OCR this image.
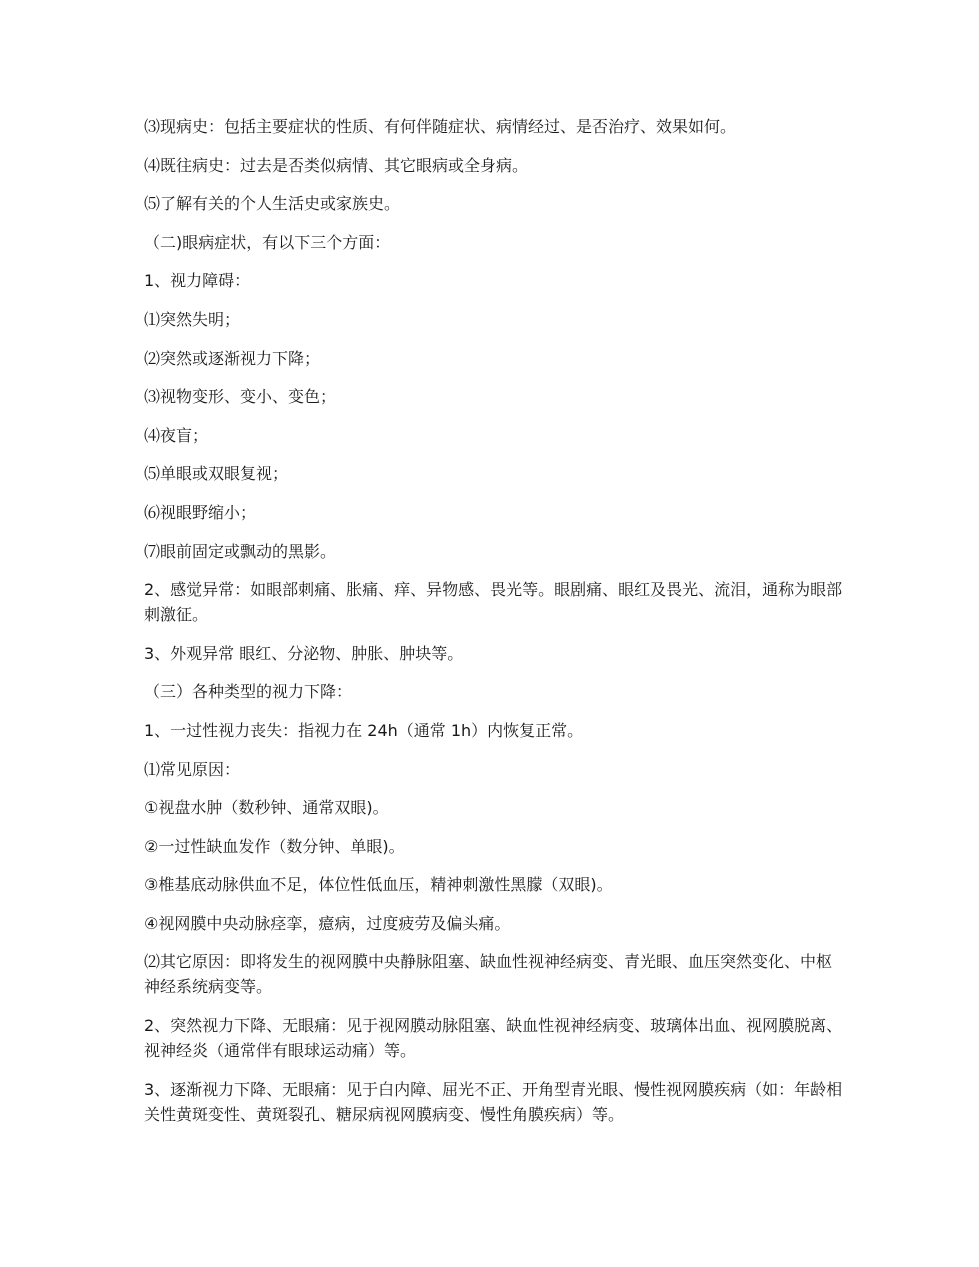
⑶现病史：包括主要症状的性质、有何伴随症状、病情经过、是否治疗、效果如何。

⑷既往病史：过去是否类似病情、其它眼病或全身病。

⑸了解有关的个人生活史或家族史。

（二)眼病症状，有以下三个方面：

1、视力障碍：

⑴突然失明；

⑵突然或逐渐视力下降；

⑶视物变形、变小、变色；

⑷夜盲；

⑸单眼或双眼复视；

⑹视眼野缩小；

⑺眼前固定或飘动的黑影。

2、感觉异常：如眼部刺痛、胀痛、痒、异物感、畏光等。眼剧痛、眼红及畏光、流泪，通称为眼部刺激征。

3、外观异常 眼红、分泌物、肿胀、肿块等。

（三）各种类型的视力下降：

1、一过性视力丧失：指视力在 24h（通常 1h）内恢复正常。

⑴常见原因：

①视盘水肿（数秒钟、通常双眼)。

②一过性缺血发作（数分钟、单眼)。

③椎基底动脉供血不足，体位性低血压，精神刺激性黑朦（双眼)。

④视网膜中央动脉痉挛，癔病，过度疲劳及偏头痛。

⑵其它原因：即将发生的视网膜中央静脉阻塞、缺血性视神经病变、青光眼、血压突然变化、中枢神经系统病变等。

2、突然视力下降、无眼痛：见于视网膜动脉阻塞、缺血性视神经病变、玻璃体出血、视网膜脱离、视神经炎（通常伴有眼球运动痛）等。

3、逐渐视力下降、无眼痛：见于白内障、屈光不正、开角型青光眼、慢性视网膜疾病（如：年龄相关性黄斑变性、黄斑裂孔、糖尿病视网膜病变、慢性角膜疾病）等。
